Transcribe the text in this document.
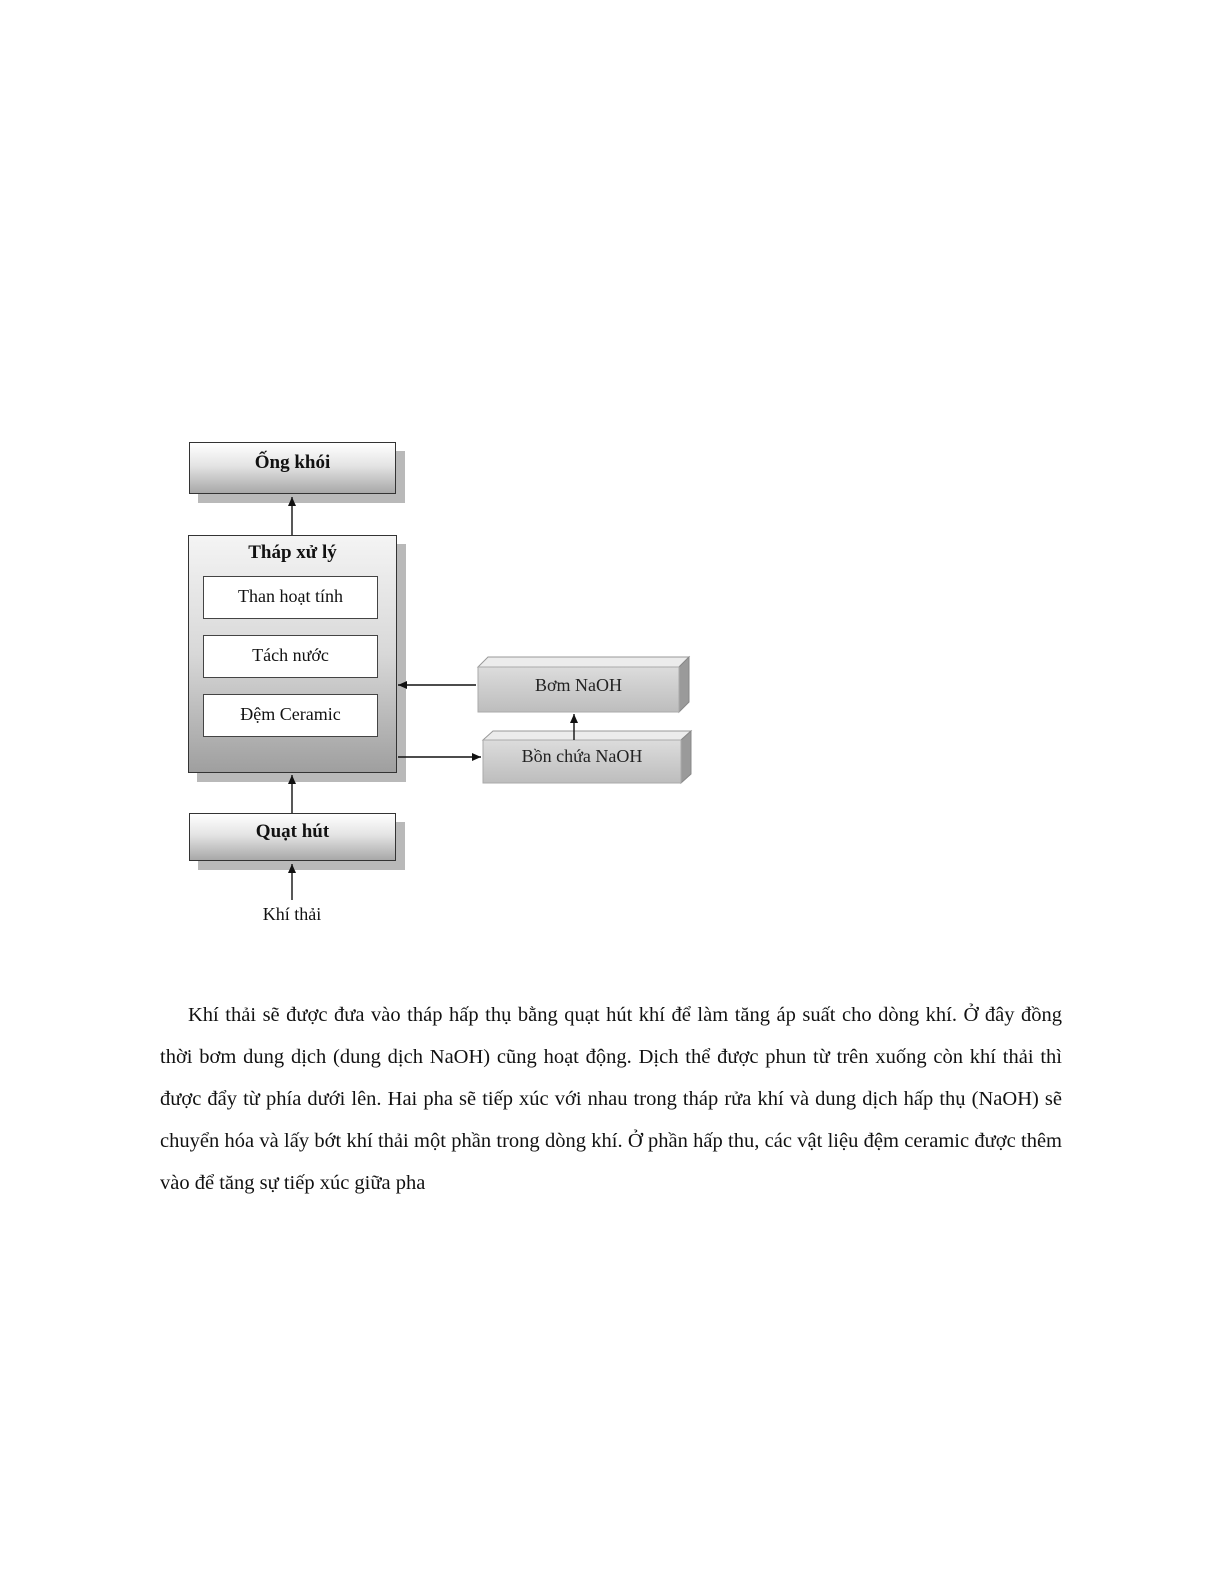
Ống khói
Tháp xử lý
Than hoạt tính
Tách nước
Đệm Ceramic
Quạt hút
Bơm NaOH
Bồn chứa NaOH
Khí thải

Khí thải sẽ được đưa vào tháp hấp thụ bằng quạt hút khí để làm tăng áp suất cho dòng khí. Ở đây đồng thời bơm dung dịch (dung dịch NaOH) cũng hoạt động. Dịch thể được phun từ trên xuống còn khí thải thì được đẩy từ phía dưới lên. Hai pha sẽ tiếp xúc với nhau trong tháp rửa khí và dung dịch hấp thụ (NaOH) sẽ chuyển hóa và lấy bớt khí thải một phần trong dòng khí. Ở phần hấp thu, các vật liệu đệm ceramic được thêm vào để tăng sự tiếp xúc giữa pha
